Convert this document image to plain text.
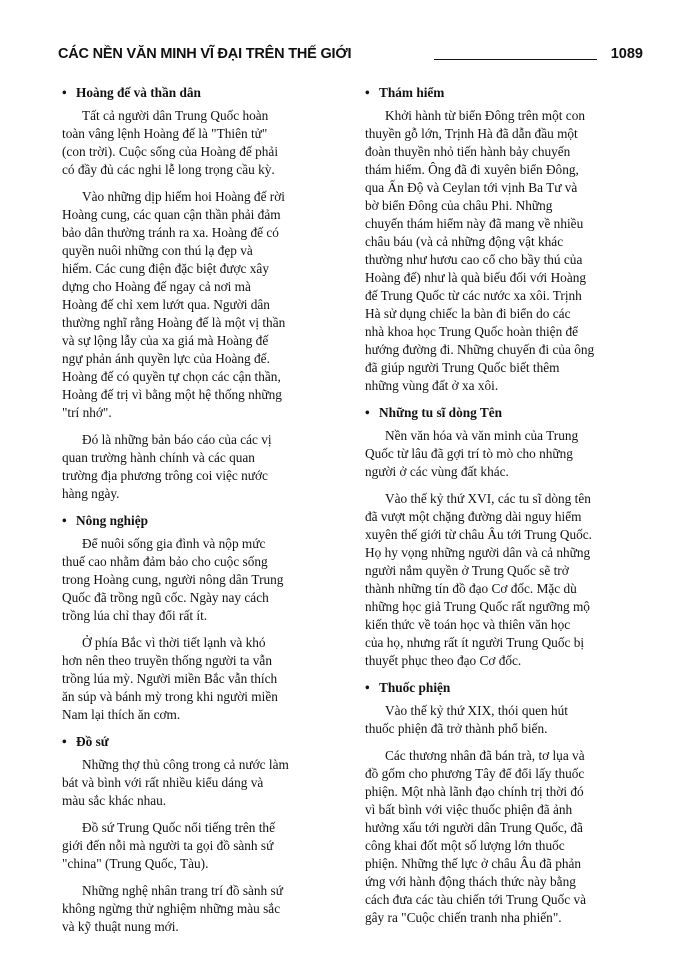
CÁC NỀN VĂN MINH VĨ ĐẠI TRÊN THẾ GIỚI	1089
• Hoàng đế và thần dân
Tất cả người dân Trung Quốc hoàn
toàn vâng lệnh Hoàng đế là "Thiên tử"
(con trời). Cuộc sống của Hoàng đế phải
có đầy đủ các nghi lễ long trọng cầu kỳ.
Vào những dịp hiếm hoi Hoàng đế rời
Hoàng cung, các quan cận thần phải đảm
bảo dân thường tránh ra xa. Hoàng đế có
quyền nuôi những con thú lạ đẹp và
hiếm. Các cung điện đặc biệt được xây
dựng cho Hoàng đế ngay cả nơi mà
Hoàng đế chỉ xem lướt qua. Người dân
thường nghĩ rằng Hoàng đế là một vị thần
và sự lộng lẫy của xa giá mà Hoàng đế
ngự phản ánh quyền lực của Hoàng đế.
Hoàng đế có quyền tự chọn các cận thần,
Hoàng đế trị vì bằng một hệ thống những
"trí nhớ".
Đó là những bản báo cáo của các vị
quan trường hành chính và các quan
trường địa phương trông coi việc nước
hàng ngày.
• Nông nghiệp
Để nuôi sống gia đình và nộp mức
thuế cao nhằm đảm bảo cho cuộc sống
trong Hoàng cung, người nông dân Trung
Quốc đã trồng ngũ cốc. Ngày nay cách
trồng lúa chỉ thay đổi rất ít.
Ở phía Bắc vì thời tiết lạnh và khó
hơn nên theo truyền thống người ta vẫn
trồng lúa mỳ. Người miền Bắc vẫn thích
ăn súp và bánh mỳ trong khi người miền
Nam lại thích ăn cơm.
• Đồ sứ
Những thợ thủ công trong cả nước làm
bát và bình với rất nhiều kiểu dáng và
màu sắc khác nhau.
Đồ sứ Trung Quốc nổi tiếng trên thế
giới đến nỗi mà người ta gọi đồ sành sứ
"china" (Trung Quốc, Tàu).
Những nghệ nhân trang trí đồ sành sứ
không ngừng thử nghiệm những màu sắc
và kỹ thuật nung mới.
• Thám hiểm
Khởi hành từ biển Đông trên một con
thuyền gỗ lớn, Trịnh Hà đã dẫn đầu một
đoàn thuyền nhỏ tiến hành bảy chuyến
thám hiểm. Ông đã đi xuyên biển Đông,
qua Ấn Độ và Ceylan tới vịnh Ba Tư và
bờ biển Đông của châu Phi. Những
chuyến thám hiểm này đã mang về nhiều
châu báu (và cả những động vật khác
thường như hươu cao cổ cho bầy thú của
Hoàng đế) như là quà biếu đối với Hoàng
đế Trung Quốc từ các nước xa xôi. Trịnh
Hà sử dụng chiếc la bàn đi biển do các
nhà khoa học Trung Quốc hoàn thiện để
hướng đường đi. Những chuyến đi của ông
đã giúp người Trung Quốc biết thêm
những vùng đất ở xa xôi.
• Những tu sĩ dòng Tên
Nền văn hóa và văn minh của Trung
Quốc từ lâu đã gợi trí tò mò cho những
người ở các vùng đất khác.
Vào thế kỷ thứ XVI, các tu sĩ dòng tên
đã vượt một chặng đường dài nguy hiểm
xuyên thế giới từ châu Âu tới Trung Quốc.
Họ hy vọng những người dân và cả những
người nắm quyền ở Trung Quốc sẽ trở
thành những tín đồ đạo Cơ đốc. Mặc dù
những học giả Trung Quốc rất ngưỡng mộ
kiến thức về toán học và thiên văn học
của họ, nhưng rất ít người Trung Quốc bị
thuyết phục theo đạo Cơ đốc.
• Thuốc phiện
Vào thế kỷ thứ XIX, thói quen hút
thuốc phiện đã trở thành phổ biến.
Các thương nhân đã bán trà, tơ lụa và
đồ gốm cho phương Tây để đổi lấy thuốc
phiện. Một nhà lãnh đạo chính trị thời đó
vì bất bình với việc thuốc phiện đã ảnh
hưởng xấu tới người dân Trung Quốc, đã
công khai đốt một số lượng lớn thuốc
phiện. Những thế lực ở châu Âu đã phản
ứng với hành động thách thức này bằng
cách đưa các tàu chiến tới Trung Quốc và
gây ra "Cuộc chiến tranh nha phiến".
